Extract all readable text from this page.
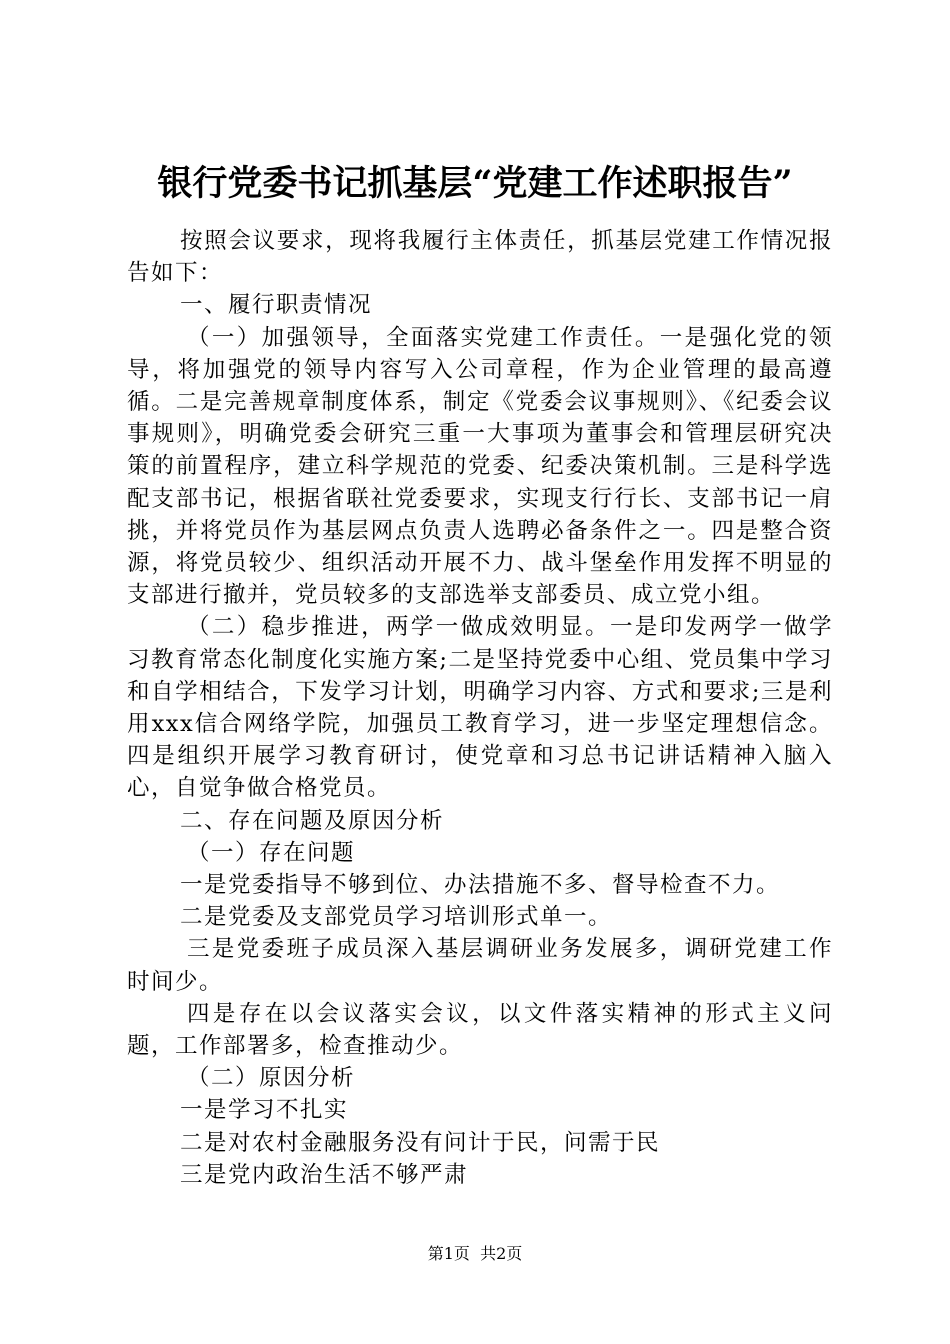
银行党委书记抓基层“党建工作述职报告”

按照会议要求，现将我履行主体责任，抓基层党建工作情况报告如下：

一、履行职责情况

（一）加强领导，全面落实党建工作责任。一是强化党的领导，将加强党的领导内容写入公司章程，作为企业管理的最高遵循。二是完善规章制度体系，制定《党委会议事规则》、《纪委会议事规则》，明确党委会研究三重一大事项为董事会和管理层研究决策的前置程序，建立科学规范的党委、纪委决策机制。三是科学选配支部书记，根据省联社党委要求，实现支行行长、支部书记一肩挑，并将党员作为基层网点负责人选聘必备条件之一。四是整合资源，将党员较少、组织活动开展不力、战斗堡垒作用发挥不明显的支部进行撤并，党员较多的支部选举支部委员、成立党小组。

（二）稳步推进，两学一做成效明显。一是印发两学一做学习教育常态化制度化实施方案;二是坚持党委中心组、党员集中学习和自学相结合，下发学习计划，明确学习内容、方式和要求;三是利用xxx信合网络学院，加强员工教育学习，进一步坚定理想信念。四是组织开展学习教育研讨，使党章和习总书记讲话精神入脑入心，自觉争做合格党员。

二、存在问题及原因分析

（一）存在问题

一是党委指导不够到位、办法措施不多、督导检查不力。

二是党委及支部党员学习培训形式单一。

三是党委班子成员深入基层调研业务发展多，调研党建工作时间少。

四是存在以会议落实会议，以文件落实精神的形式主义问题，工作部署多，检查推动少。

（二）原因分析

一是学习不扎实

二是对农村金融服务没有问计于民，问需于民

三是党内政治生活不够严肃

第1页  共2页
